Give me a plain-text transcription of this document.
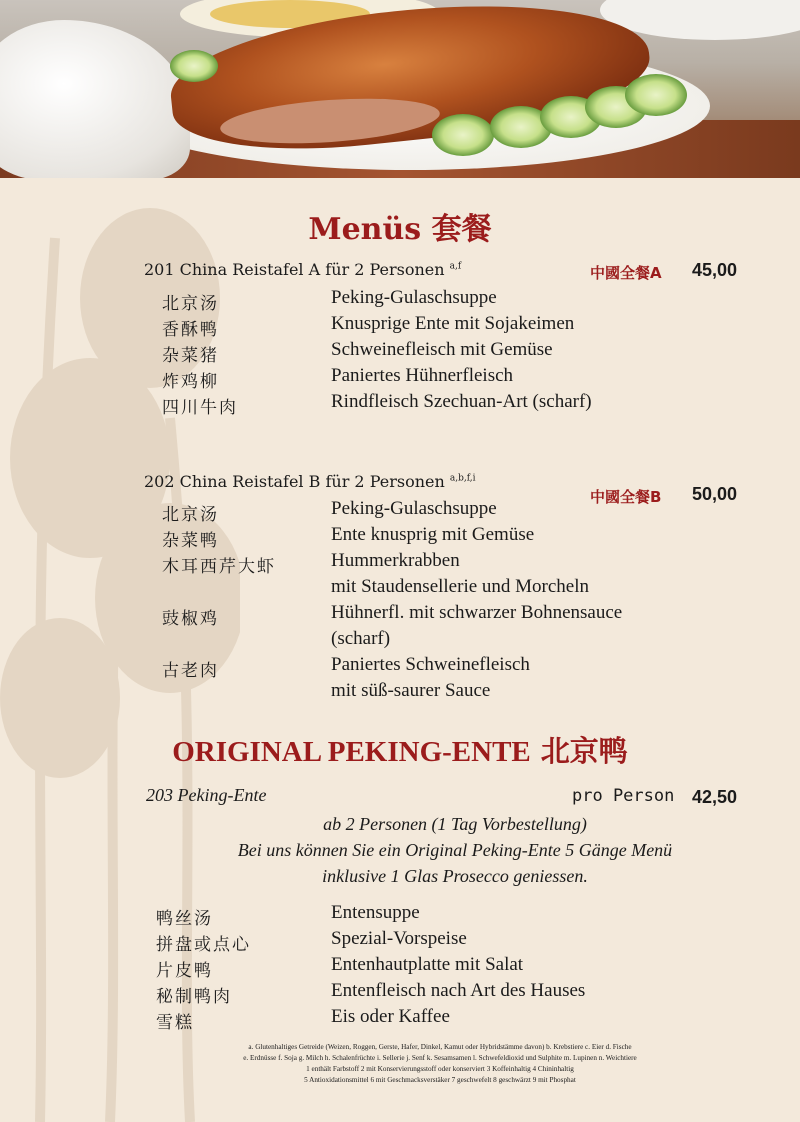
Menüs 套餐
201 China Reistafel A für 2 Personen $^{a,f}$	中國全餐A 45,00
北京汤	Peking-Gulaschsuppe
香酥鸭	Knusprige Ente mit Sojakeimen
杂菜猪	Schweinefleisch mit Gemüse
炸鸡柳	Paniertes Hühnerfleisch
四川牛肉	Rindfleisch Szechuan-Art (scharf)
202 China Reistafel B für 2 Personen $^{a,b,f,i}$
中國全餐B 50,00
北京汤	Peking-Gulaschsuppe
杂菜鸭	Ente knusprig mit Gemüse
木耳西芹大虾	Hummerkrabben
mit Staudensellerie und Morcheln
豉椒鸡	Hühnerfl. mit schwarzer Bohnensauce
(scharf)
古老肉	Paniertes Schweinefleisch
mit süß-saurer Sauce
ORIGINAL PEKING-ENTE 北京鸭
203 Peking-Ente	pro Person 42,50
ab 2 Personen (1 Tag Vorbestellung)
Bei uns können Sie ein Original Peking-Ente 5 Gänge Menü
inklusive 1 Glas Prosecco geniessen.
鸭丝汤	Entensuppe
拼盘或点心	Spezial-Vorspeise
片皮鸭	Entenhautplatte mit Salat
秘制鸭肉	Entenfleisch nach Art des Hauses
雪糕	Eis oder Kaffee
a. Glutenhaltiges Getreide (Weizen, Roggen, Gerste, Hafer, Dinkel, Kamut oder Hybridstämme davon) b. Krebstiere c. Eier d. Fische
e. Erdnüsse f. Soja g. Milch h. Schalenfrüchte i. Sellerie j. Senf k. Sesamsamen l. Schwefeldioxid und Sulphite m. Lupinen n. Weichtiere
1 enthält Farbstoff 2 mit Konservierungsstoff oder konserviert 3 Koffeinhaltig 4 Chininhaltig
5 Antioxidationsmittel 6 mit Geschmacksverstäker 7 geschwefelt 8 geschwärzt 9 mit Phosphat
